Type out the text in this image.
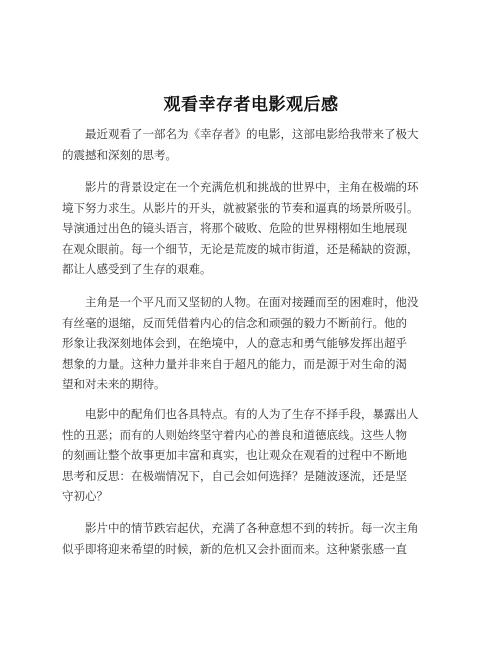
观看幸存者电影观后感
最近观看了一部名为《幸存者》的电影，这部电影给我带来了极大
的震撼和深刻的思考。
影片的背景设定在一个充满危机和挑战的世界中，主角在极端的环
境下努力求生。从影片的开头，就被紧张的节奏和逼真的场景所吸引。
导演通过出色的镜头语言，将那个破败、危险的世界栩栩如生地展现
在观众眼前。每一个细节，无论是荒废的城市街道，还是稀缺的资源，
都让人感受到了生存的艰难。
主角是一个平凡而又坚韧的人物。在面对接踵而至的困难时，他没
有丝毫的退缩，反而凭借着内心的信念和顽强的毅力不断前行。他的
形象让我深刻地体会到，在绝境中，人的意志和勇气能够发挥出超乎
想象的力量。这种力量并非来自于超凡的能力，而是源于对生命的渴
望和对未来的期待。
电影中的配角们也各具特点。有的人为了生存不择手段，暴露出人
性的丑恶；而有的人则始终坚守着内心的善良和道德底线。这些人物
的刻画让整个故事更加丰富和真实，也让观众在观看的过程中不断地
思考和反思：在极端情况下，自己会如何选择？是随波逐流，还是坚
守初心？
影片中的情节跌宕起伏，充满了各种意想不到的转折。每一次主角
似乎即将迎来希望的时候，新的危机又会扑面而来。这种紧张感一直
